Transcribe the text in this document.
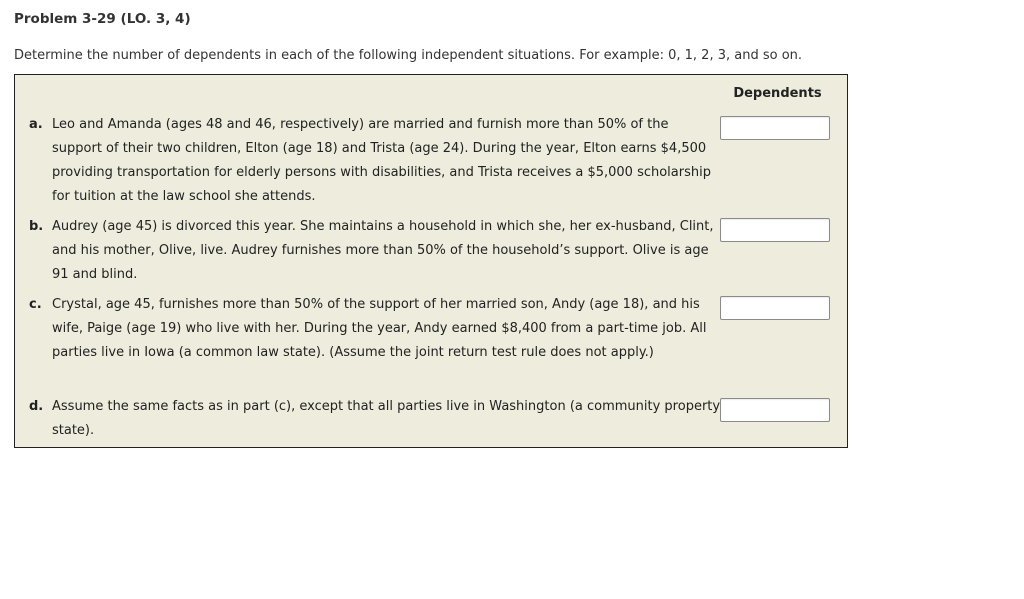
Problem 3-29 (LO. 3, 4)

Determine the number of dependents in each of the following independent situations. For example: 0, 1, 2, 3, and so on.

Dependents
a. Leo and Amanda (ages 48 and 46, respectively) are married and furnish more than 50% of the support of their two children, Elton (age 18) and Trista (age 24). During the year, Elton earns $4,500 providing transportation for elderly persons with disabilities, and Trista receives a $5,000 scholarship for tuition at the law school she attends.
b. Audrey (age 45) is divorced this year. She maintains a household in which she, her ex-husband, Clint, and his mother, Olive, live. Audrey furnishes more than 50% of the household’s support. Olive is age 91 and blind.
c. Crystal, age 45, furnishes more than 50% of the support of her married son, Andy (age 18), and his wife, Paige (age 19) who live with her. During the year, Andy earned $8,400 from a part-time job. All parties live in Iowa (a common law state). (Assume the joint return test rule does not apply.)
d. Assume the same facts as in part (c), except that all parties live in Washington (a community property state).
